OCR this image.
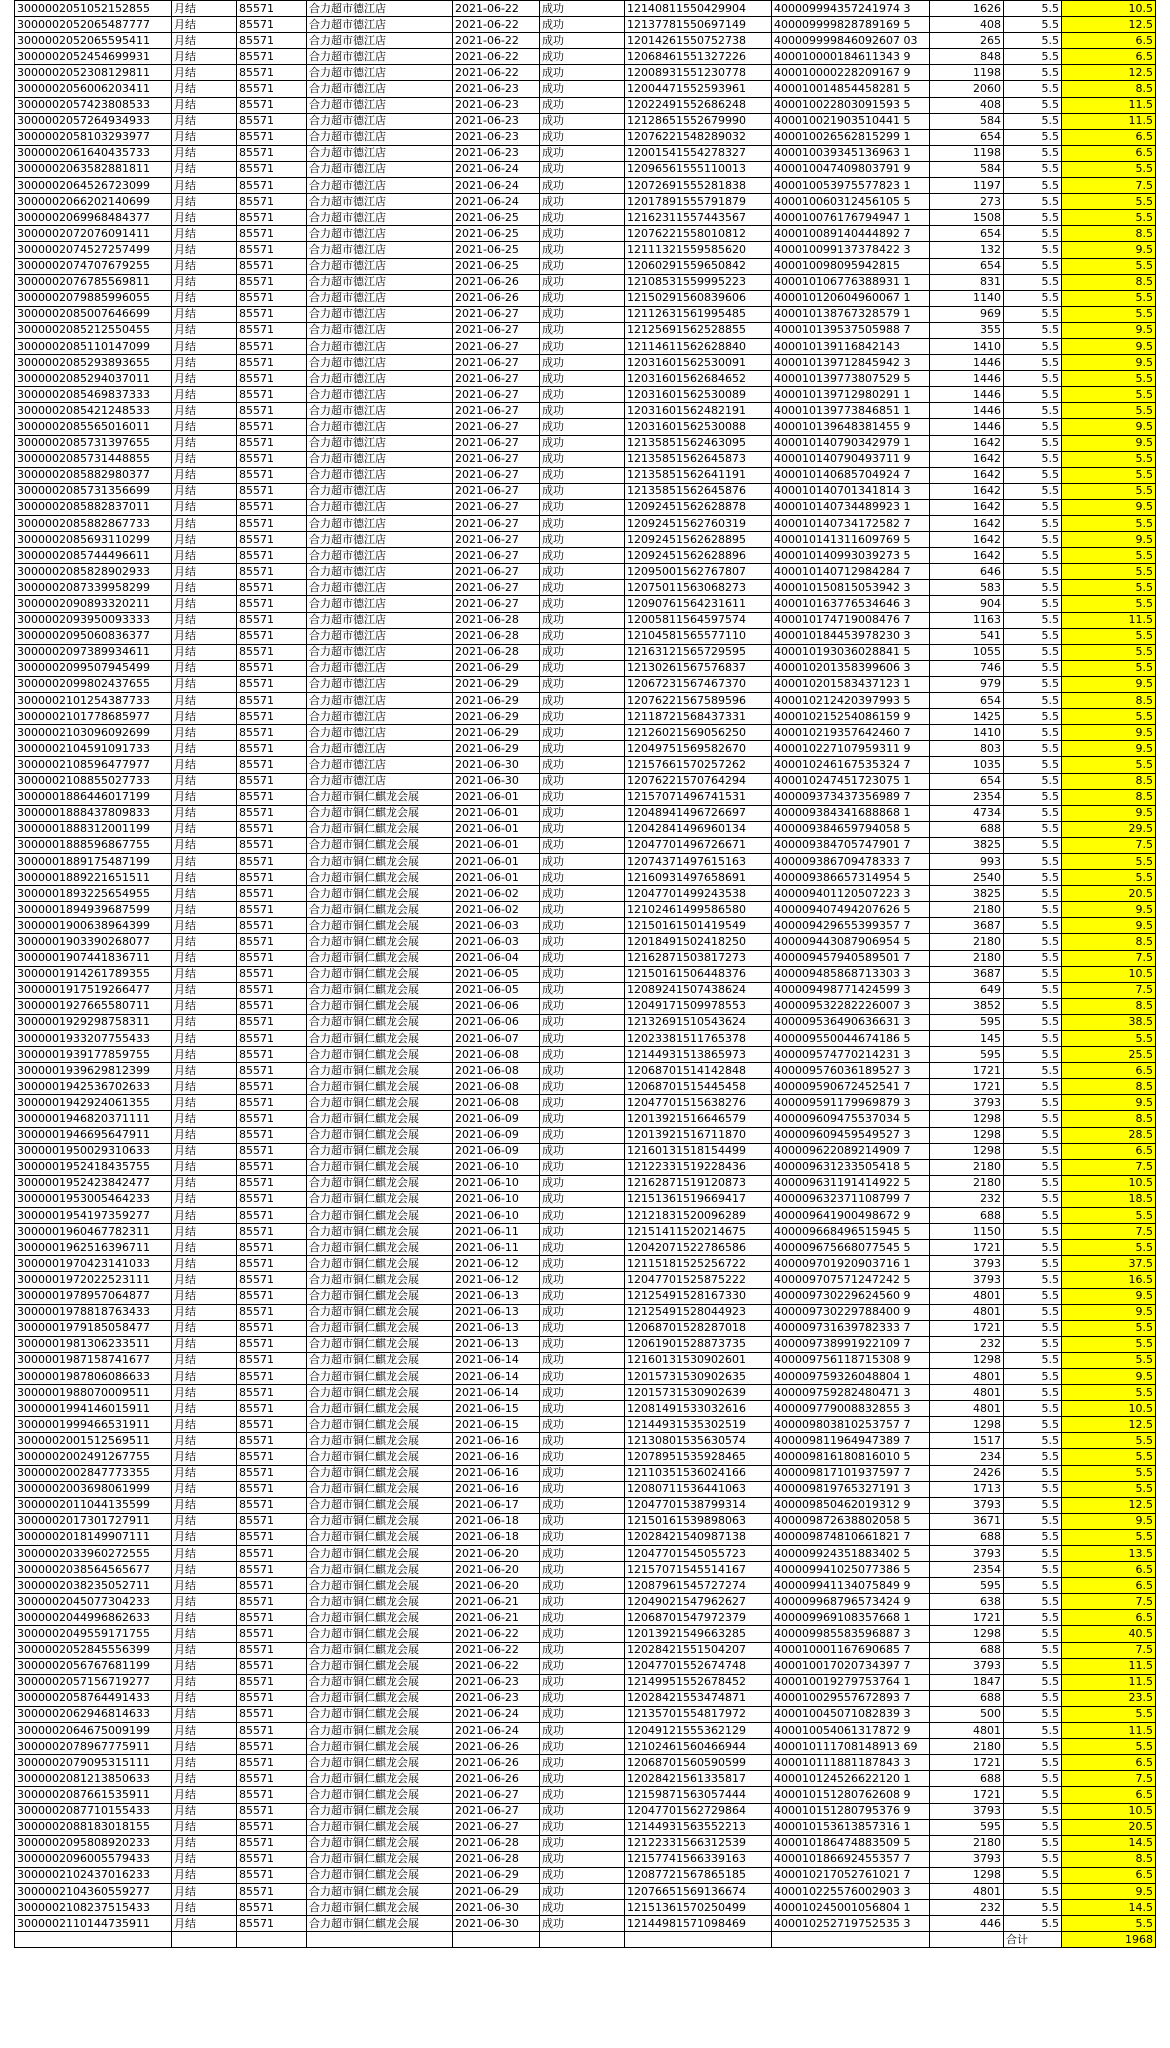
3000002051052152855	月结	85571	合力超市德江店	2021-06-22	成功	12140811550429904	400009994357241974 3	1626	5.5	10.5
3000002052065487777	月结	85571	合力超市德江店	2021-06-22	成功	12137781550697149	400009999828789169 5	408	5.5	12.5
3000002052065595411	月结	85571	合力超市德江店	2021-06-22	成功	12014261550752738	400009999846092607 03	265	5.5	6.5
3000002052454699931	月结	85571	合力超市德江店	2021-06-22	成功	12068461551327226	400010000184611343 9	848	5.5	6.5
3000002052308129811	月结	85571	合力超市德江店	2021-06-22	成功	12008931551230778	400010000228209167 9	1198	5.5	12.5
3000002056006203411	月结	85571	合力超市德江店	2021-06-23	成功	12004471552593961	400010014854458281 5	2060	5.5	8.5
3000002057423808533	月结	85571	合力超市德江店	2021-06-23	成功	12022491552686248	400010022803091593 5	408	5.5	11.5
3000002057264934933	月结	85571	合力超市德江店	2021-06-23	成功	12128651552679990	400010021903510441 5	584	5.5	11.5
3000002058103293977	月结	85571	合力超市德江店	2021-06-23	成功	12076221548289032	400010026562815299 1	654	5.5	6.5
3000002061640435733	月结	85571	合力超市德江店	2021-06-23	成功	12001541554278327	400010039345136963 1	1198	5.5	6.5
3000002063582881811	月结	85571	合力超市德江店	2021-06-24	成功	12096561555110013	400010047409803791 9	584	5.5	5.5
3000002064526723099	月结	85571	合力超市德江店	2021-06-24	成功	12072691555281838	400010053975577823 1	1197	5.5	7.5
3000002066202140699	月结	85571	合力超市德江店	2021-06-24	成功	12017891555791879	400010060312456105 5	273	5.5	5.5
3000002069968484377	月结	85571	合力超市德江店	2021-06-25	成功	12162311557443567	400010076176794947 1	1508	5.5	5.5
3000002072076091411	月结	85571	合力超市德江店	2021-06-25	成功	12076221558010812	400010089140444892 7	654	5.5	8.5
3000002074527257499	月结	85571	合力超市德江店	2021-06-25	成功	12111321559585620	400010099137378422 3	132	5.5	9.5
3000002074707679255	月结	85571	合力超市德江店	2021-06-25	成功	12060291559650842	400010098095942815	654	5.5	5.5
3000002076785569811	月结	85571	合力超市德江店	2021-06-26	成功	12108531559995223	400010106776388931 1	831	5.5	8.5
3000002079885996055	月结	85571	合力超市德江店	2021-06-26	成功	12150291560839606	400010120604960067 1	1140	5.5	5.5
3000002085007646699	月结	85571	合力超市德江店	2021-06-27	成功	12112631561995485	400010138767328579 1	969	5.5	5.5
3000002085212550455	月结	85571	合力超市德江店	2021-06-27	成功	12125691562528855	400010139537505988 7	355	5.5	9.5
3000002085110147099	月结	85571	合力超市德江店	2021-06-27	成功	12114611562628840	400010139116842143	1410	5.5	9.5
3000002085293893655	月结	85571	合力超市德江店	2021-06-27	成功	12031601562530091	400010139712845942 3	1446	5.5	9.5
3000002085294037011	月结	85571	合力超市德江店	2021-06-27	成功	12031601562684652	400010139773807529 5	1446	5.5	5.5
3000002085469837333	月结	85571	合力超市德江店	2021-06-27	成功	12031601562530089	400010139712980291 1	1446	5.5	5.5
3000002085421248533	月结	85571	合力超市德江店	2021-06-27	成功	12031601562482191	400010139773846851 1	1446	5.5	5.5
3000002085565016011	月结	85571	合力超市德江店	2021-06-27	成功	12031601562530088	400010139648381455 9	1446	5.5	9.5
3000002085731397655	月结	85571	合力超市德江店	2021-06-27	成功	12135851562463095	400010140790342979 1	1642	5.5	9.5
3000002085731448855	月结	85571	合力超市德江店	2021-06-27	成功	12135851562645873	400010140790493711 9	1642	5.5	5.5
3000002085882980377	月结	85571	合力超市德江店	2021-06-27	成功	12135851562641191	400010140685704924 7	1642	5.5	5.5
3000002085731356699	月结	85571	合力超市德江店	2021-06-27	成功	12135851562645876	400010140701341814 3	1642	5.5	5.5
3000002085882837011	月结	85571	合力超市德江店	2021-06-27	成功	12092451562628878	400010140734489923 1	1642	5.5	9.5
3000002085882867733	月结	85571	合力超市德江店	2021-06-27	成功	12092451562760319	400010140734172582 7	1642	5.5	5.5
3000002085693110299	月结	85571	合力超市德江店	2021-06-27	成功	12092451562628895	400010141311609769 5	1642	5.5	9.5
3000002085744496611	月结	85571	合力超市德江店	2021-06-27	成功	12092451562628896	400010140993039273 5	1642	5.5	5.5
3000002085828902933	月结	85571	合力超市德江店	2021-06-27	成功	12095001562767807	400010140712984284 7	646	5.5	5.5
3000002087339958299	月结	85571	合力超市德江店	2021-06-27	成功	12075011563068273	400010150815053942 3	583	5.5	5.5
3000002090893320211	月结	85571	合力超市德江店	2021-06-27	成功	12090761564231611	400010163776534646 3	904	5.5	5.5
3000002093950093333	月结	85571	合力超市德江店	2021-06-28	成功	12005811564597574	400010174719008476 7	1163	5.5	11.5
3000002095060836377	月结	85571	合力超市德江店	2021-06-28	成功	12104581565577110	400010184453978230 3	541	5.5	5.5
3000002097389934611	月结	85571	合力超市德江店	2021-06-28	成功	12163121565729595	400010193036028841 5	1055	5.5	5.5
3000002099507945499	月结	85571	合力超市德江店	2021-06-29	成功	12130261567576837	400010201358399606 3	746	5.5	5.5
3000002099802437655	月结	85571	合力超市德江店	2021-06-29	成功	12067231567467370	400010201583437123 1	979	5.5	9.5
3000002101254387733	月结	85571	合力超市德江店	2021-06-29	成功	12076221567589596	400010212420397993 5	654	5.5	8.5
3000002101778685977	月结	85571	合力超市德江店	2021-06-29	成功	12118721568437331	400010215254086159 9	1425	5.5	5.5
3000002103096092699	月结	85571	合力超市德江店	2021-06-29	成功	12126021569056250	400010219357642460 7	1410	5.5	9.5
3000002104591091733	月结	85571	合力超市德江店	2021-06-29	成功	12049751569582670	400010227107959311 9	803	5.5	9.5
3000002108596477977	月结	85571	合力超市德江店	2021-06-30	成功	12157661570257262	400010246167535324 7	1035	5.5	5.5
3000002108855027733	月结	85571	合力超市德江店	2021-06-30	成功	12076221570764294	400010247451723075 1	654	5.5	8.5
3000001886446017199	月结	85571	合力超市铜仁麒龙会展	2021-06-01	成功	12157071496741531	400009373437356989 7	2354	5.5	8.5
3000001888437809833	月结	85571	合力超市铜仁麒龙会展	2021-06-01	成功	12048941496726697	400009384341688868 1	4734	5.5	9.5
3000001888312001199	月结	85571	合力超市铜仁麒龙会展	2021-06-01	成功	12042841496960134	400009384659794058 5	688	5.5	29.5
3000001888596867755	月结	85571	合力超市铜仁麒龙会展	2021-06-01	成功	12047701496726671	400009384705747901 7	3825	5.5	7.5
3000001889175487199	月结	85571	合力超市铜仁麒龙会展	2021-06-01	成功	12074371497615163	400009386709478333 7	993	5.5	5.5
3000001889221651511	月结	85571	合力超市铜仁麒龙会展	2021-06-01	成功	12160931497658691	400009386657314954 5	2540	5.5	5.5
3000001893225654955	月结	85571	合力超市铜仁麒龙会展	2021-06-02	成功	12047701499243538	400009401120507223 3	3825	5.5	20.5
3000001894939687599	月结	85571	合力超市铜仁麒龙会展	2021-06-02	成功	12102461499586580	400009407494207626 5	2180	5.5	9.5
3000001900638964399	月结	85571	合力超市铜仁麒龙会展	2021-06-03	成功	12150161501419549	400009429655399357 7	3687	5.5	9.5
3000001903390268077	月结	85571	合力超市铜仁麒龙会展	2021-06-03	成功	12018491502418250	400009443087906954 5	2180	5.5	8.5
3000001907441836711	月结	85571	合力超市铜仁麒龙会展	2021-06-04	成功	12162871503817273	400009457940589501 7	2180	5.5	7.5
3000001914261789355	月结	85571	合力超市铜仁麒龙会展	2021-06-05	成功	12150161506448376	400009485868713303 3	3687	5.5	10.5
3000001917519266477	月结	85571	合力超市铜仁麒龙会展	2021-06-05	成功	12089241507438624	400009498771424599 3	649	5.5	7.5
3000001927665580711	月结	85571	合力超市铜仁麒龙会展	2021-06-06	成功	12049171509978553	400009532282226007 3	3852	5.5	8.5
3000001929298758311	月结	85571	合力超市铜仁麒龙会展	2021-06-06	成功	12132691510543624	400009536490636631 3	595	5.5	38.5
3000001933207755433	月结	85571	合力超市铜仁麒龙会展	2021-06-07	成功	12023381511765378	400009550044674186 5	145	5.5	5.5
3000001939177859755	月结	85571	合力超市铜仁麒龙会展	2021-06-08	成功	12144931513865973	400009574770214231 3	595	5.5	25.5
3000001939629812399	月结	85571	合力超市铜仁麒龙会展	2021-06-08	成功	12068701514142848	400009576036189527 3	1721	5.5	6.5
3000001942536702633	月结	85571	合力超市铜仁麒龙会展	2021-06-08	成功	12068701515445458	400009590672452541 7	1721	5.5	8.5
3000001942924061355	月结	85571	合力超市铜仁麒龙会展	2021-06-08	成功	12047701515638276	400009591179969879 3	3793	5.5	9.5
3000001946820371111	月结	85571	合力超市铜仁麒龙会展	2021-06-09	成功	12013921516646579	400009609475537034 5	1298	5.5	8.5
3000001946695647911	月结	85571	合力超市铜仁麒龙会展	2021-06-09	成功	12013921516711870	400009609459549527 3	1298	5.5	28.5
3000001950029310633	月结	85571	合力超市铜仁麒龙会展	2021-06-09	成功	12160131518154499	400009622089214909 7	1298	5.5	6.5
3000001952418435755	月结	85571	合力超市铜仁麒龙会展	2021-06-10	成功	12122331519228436	400009631233505418 5	2180	5.5	7.5
3000001952423842477	月结	85571	合力超市铜仁麒龙会展	2021-06-10	成功	12162871519120873	400009631191414922 5	2180	5.5	10.5
3000001953005464233	月结	85571	合力超市铜仁麒龙会展	2021-06-10	成功	12151361519669417	400009632371108799 7	232	5.5	18.5
3000001954197359277	月结	85571	合力超市铜仁麒龙会展	2021-06-10	成功	12121831520096289	400009641900498672 9	688	5.5	5.5
3000001960467782311	月结	85571	合力超市铜仁麒龙会展	2021-06-11	成功	12151411520214675	400009668496515945 5	1150	5.5	7.5
3000001962516396711	月结	85571	合力超市铜仁麒龙会展	2021-06-11	成功	12042071522786586	400009675668077545 5	1721	5.5	5.5
3000001970423141033	月结	85571	合力超市铜仁麒龙会展	2021-06-12	成功	12115181525256722	400009701920903716 1	3793	5.5	37.5
3000001972022523111	月结	85571	合力超市铜仁麒龙会展	2021-06-12	成功	12047701525875222	400009707571247242 5	3793	5.5	16.5
3000001978957064877	月结	85571	合力超市铜仁麒龙会展	2021-06-13	成功	12125491528167330	400009730229624560 9	4801	5.5	9.5
3000001978818763433	月结	85571	合力超市铜仁麒龙会展	2021-06-13	成功	12125491528044923	400009730229788400 9	4801	5.5	9.5
3000001979185058477	月结	85571	合力超市铜仁麒龙会展	2021-06-13	成功	12068701528287018	400009731639782333 7	1721	5.5	5.5
3000001981306233511	月结	85571	合力超市铜仁麒龙会展	2021-06-13	成功	12061901528873735	400009738991922109 7	232	5.5	5.5
3000001987158741677	月结	85571	合力超市铜仁麒龙会展	2021-06-14	成功	12160131530902601	400009756118715308 9	1298	5.5	5.5
3000001987806086633	月结	85571	合力超市铜仁麒龙会展	2021-06-14	成功	12015731530902635	400009759326048804 1	4801	5.5	9.5
3000001988070009511	月结	85571	合力超市铜仁麒龙会展	2021-06-14	成功	12015731530902639	400009759282480471 3	4801	5.5	5.5
3000001994146015911	月结	85571	合力超市铜仁麒龙会展	2021-06-15	成功	12081491533032616	400009779008832855 3	4801	5.5	10.5
3000001999466531911	月结	85571	合力超市铜仁麒龙会展	2021-06-15	成功	12144931535302519	400009803810253757 7	1298	5.5	12.5
3000002001512569511	月结	85571	合力超市铜仁麒龙会展	2021-06-16	成功	12130801535630574	400009811964947389 7	1517	5.5	5.5
3000002002491267755	月结	85571	合力超市铜仁麒龙会展	2021-06-16	成功	12078951535928465	400009816180816010 5	234	5.5	5.5
3000002002847773355	月结	85571	合力超市铜仁麒龙会展	2021-06-16	成功	12110351536024166	400009817101937597 7	2426	5.5	5.5
3000002003698061999	月结	85571	合力超市铜仁麒龙会展	2021-06-16	成功	12080711536441063	400009819765327191 3	1713	5.5	5.5
3000002011044135599	月结	85571	合力超市铜仁麒龙会展	2021-06-17	成功	12047701538799314	400009850462019312 9	3793	5.5	12.5
3000002017301727911	月结	85571	合力超市铜仁麒龙会展	2021-06-18	成功	12150161539898063	400009872638802058 5	3671	5.5	9.5
3000002018149907111	月结	85571	合力超市铜仁麒龙会展	2021-06-18	成功	12028421540987138	400009874810661821 7	688	5.5	5.5
3000002033960272555	月结	85571	合力超市铜仁麒龙会展	2021-06-20	成功	12047701545055723	400009924351883402 5	3793	5.5	13.5
3000002038564565677	月结	85571	合力超市铜仁麒龙会展	2021-06-20	成功	12157071545514167	400009941025077386 5	2354	5.5	6.5
3000002038235052711	月结	85571	合力超市铜仁麒龙会展	2021-06-20	成功	12087961545727274	400009941134075849 9	595	5.5	6.5
3000002045077304233	月结	85571	合力超市铜仁麒龙会展	2021-06-21	成功	12049021547962627	400009968796573424 9	638	5.5	7.5
3000002044996862633	月结	85571	合力超市铜仁麒龙会展	2021-06-21	成功	12068701547972379	400009969108357668 1	1721	5.5	6.5
3000002049559171755	月结	85571	合力超市铜仁麒龙会展	2021-06-22	成功	12013921549663285	400009985583596887 3	1298	5.5	40.5
3000002052845556399	月结	85571	合力超市铜仁麒龙会展	2021-06-22	成功	12028421551504207	400010001167690685 7	688	5.5	7.5
3000002056767681199	月结	85571	合力超市铜仁麒龙会展	2021-06-22	成功	12047701552674748	400010017020734397 7	3793	5.5	11.5
3000002057156719277	月结	85571	合力超市铜仁麒龙会展	2021-06-23	成功	12149951552678452	400010019279753764 1	1847	5.5	11.5
3000002058764491433	月结	85571	合力超市铜仁麒龙会展	2021-06-23	成功	12028421553474871	400010029557672893 7	688	5.5	23.5
3000002062946814633	月结	85571	合力超市铜仁麒龙会展	2021-06-24	成功	12135701554817972	400010045071082839 3	500	5.5	5.5
3000002064675009199	月结	85571	合力超市铜仁麒龙会展	2021-06-24	成功	12049121555362129	400010054061317872 9	4801	5.5	11.5
3000002078967775911	月结	85571	合力超市铜仁麒龙会展	2021-06-26	成功	12102461560466944	400010111708148913 69	2180	5.5	5.5
3000002079095315111	月结	85571	合力超市铜仁麒龙会展	2021-06-26	成功	12068701560590599	400010111881187843 3	1721	5.5	6.5
3000002081213850633	月结	85571	合力超市铜仁麒龙会展	2021-06-26	成功	12028421561335817	400010124526622120 1	688	5.5	7.5
3000002087661535911	月结	85571	合力超市铜仁麒龙会展	2021-06-27	成功	12159871563057444	400010151280762608 9	1721	5.5	6.5
3000002087710155433	月结	85571	合力超市铜仁麒龙会展	2021-06-27	成功	12047701562729864	400010151280795376 9	3793	5.5	10.5
3000002088183018155	月结	85571	合力超市铜仁麒龙会展	2021-06-27	成功	12144931563552213	400010153613857316 1	595	5.5	20.5
3000002095808920233	月结	85571	合力超市铜仁麒龙会展	2021-06-28	成功	12122331566312539	400010186474883509 5	2180	5.5	14.5
3000002096005579433	月结	85571	合力超市铜仁麒龙会展	2021-06-28	成功	12157741566339163	400010186692455357 7	3793	5.5	8.5
3000002102437016233	月结	85571	合力超市铜仁麒龙会展	2021-06-29	成功	12087721567865185	400010217052761021 7	1298	5.5	6.5
3000002104360559277	月结	85571	合力超市铜仁麒龙会展	2021-06-29	成功	12076651569136674	400010225576002903 3	4801	5.5	9.5
3000002108237515433	月结	85571	合力超市铜仁麒龙会展	2021-06-30	成功	12151361570250499	400010245001056804 1	232	5.5	14.5
3000002110144735911	月结	85571	合力超市铜仁麒龙会展	2021-06-30	成功	12144981571098469	400010252719752535 3	446	5.5	5.5
									合计	1968
